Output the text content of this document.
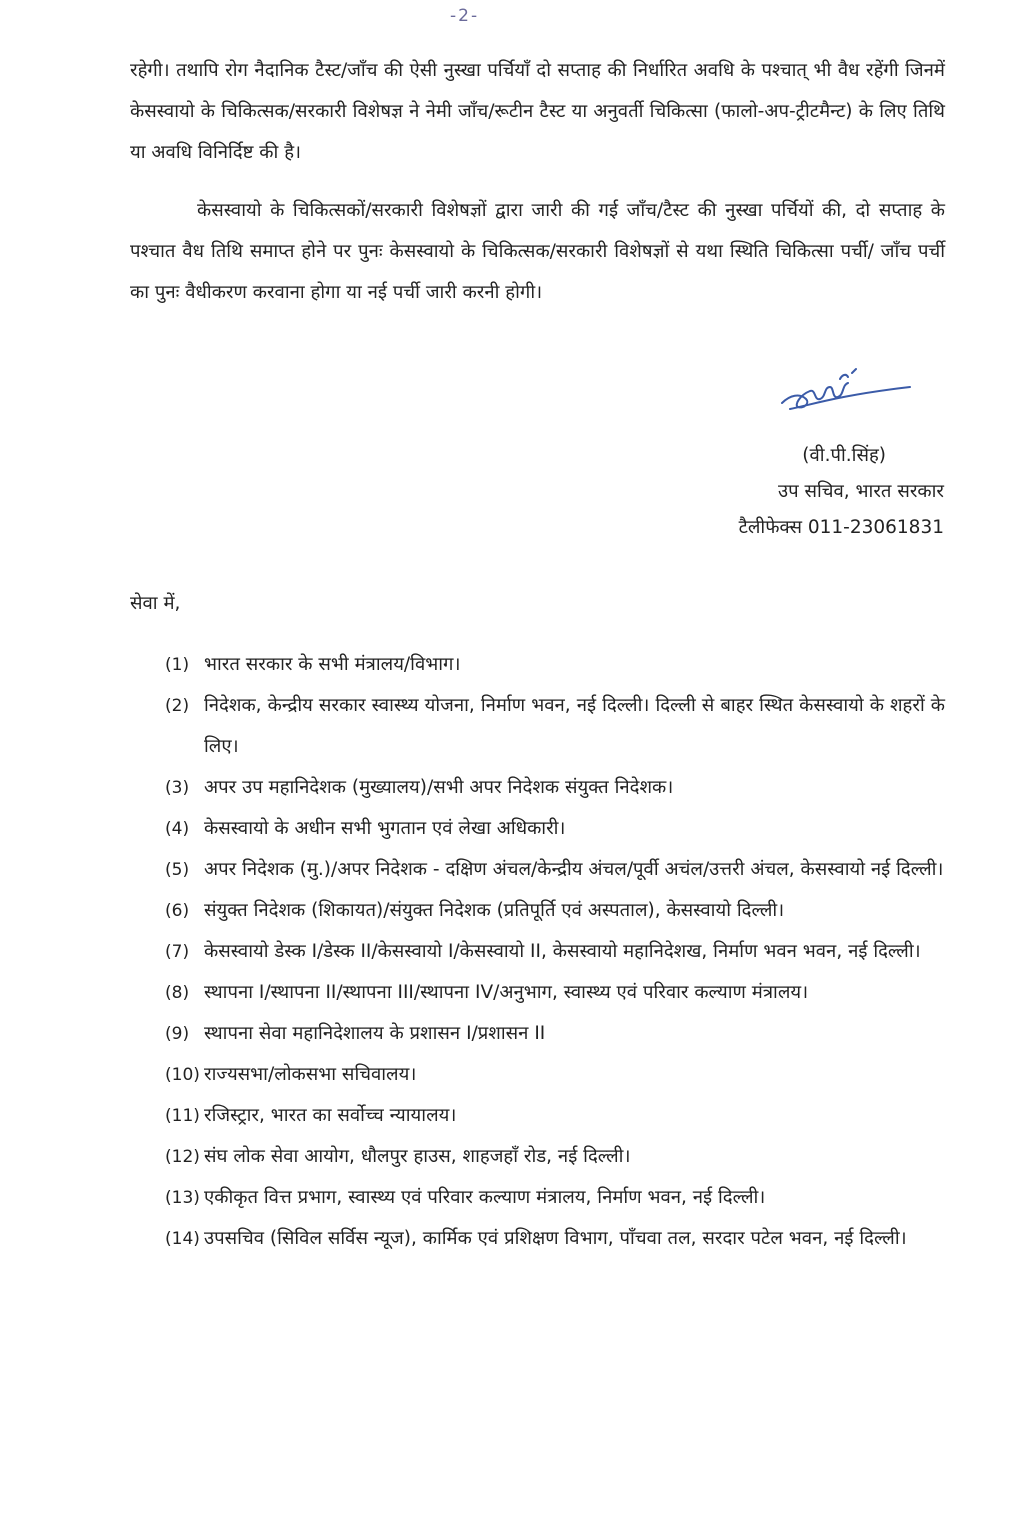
-2-

रहेगी। तथापि रोग नैदानिक टैस्ट/जाँच की ऐसी नुस्खा पर्चियाँ दो सप्ताह की निर्धारित अवधि के पश्चात् भी वैध रहेंगी जिनमें केसस्वायो के चिकित्सक/सरकारी विशेषज्ञ ने नेमी जाँच/रूटीन टैस्ट या अनुवर्ती चिकित्सा (फालो-अप-ट्रीटमैन्ट) के लिए तिथि या अवधि विनिर्दिष्ट की है।

केसस्वायो के चिकित्सकों/सरकारी विशेषज्ञों द्वारा जारी की गई जाँच/टैस्ट की नुस्खा पर्चियों की, दो सप्ताह के पश्चात वैध तिथि समाप्त होने पर पुनः केसस्वायो के चिकित्सक/सरकारी विशेषज्ञों से यथा स्थिति चिकित्सा पर्ची/ जाँच पर्ची का पुनः वैधीकरण करवाना होगा या नई पर्ची जारी करनी होगी।

(वी.पी.सिंह)
उप सचिव, भारत सरकार
टैलीफेक्स 011-23061831
सेवा में,
(1) भारत सरकार के सभी मंत्रालय/विभाग।
(2) निदेशक, केन्द्रीय सरकार स्वास्थ्य योजना, निर्माण भवन, नई दिल्ली। दिल्ली से बाहर स्थित केसस्वायो के शहरों के लिए।
(3) अपर उप महानिदेशक (मुख्यालय)/सभी अपर निदेशक संयुक्त निदेशक।
(4) केसस्वायो के अधीन सभी भुगतान एवं लेखा अधिकारी।
(5) अपर निदेशक (मु.)/अपर निदेशक - दक्षिण अंचल/केन्द्रीय अंचल/पूर्वी अचंल/उत्तरी अंचल, केसस्वायो नई दिल्ली।
(6) संयुक्त निदेशक (शिकायत)/संयुक्त निदेशक (प्रतिपूर्ति एवं अस्पताल), केसस्वायो दिल्ली।
(7) केसस्वायो डेस्क I/डेस्क II/केसस्वायो I/केसस्वायो II, केसस्वायो महानिदेशख, निर्माण भवन भवन, नई दिल्ली।
(8) स्थापना I/स्थापना II/स्थापना III/स्थापना IV/अनुभाग, स्वास्थ्य एवं परिवार कल्याण मंत्रालय।
(9) स्थापना सेवा महानिदेशालय के प्रशासन I/प्रशासन II
(10) राज्यसभा/लोकसभा सचिवालय।
(11) रजिस्ट्रार, भारत का सर्वोच्च न्यायालय।
(12) संघ लोक सेवा आयोग, धौलपुर हाउस, शाहजहाँ रोड, नई दिल्ली।
(13) एकीकृत वित्त प्रभाग, स्वास्थ्य एवं परिवार कल्याण मंत्रालय, निर्माण भवन, नई दिल्ली।
(14) उपसचिव (सिविल सर्विस न्यूज), कार्मिक एवं प्रशिक्षण विभाग, पाँचवा तल, सरदार पटेल भवन, नई दिल्ली।
